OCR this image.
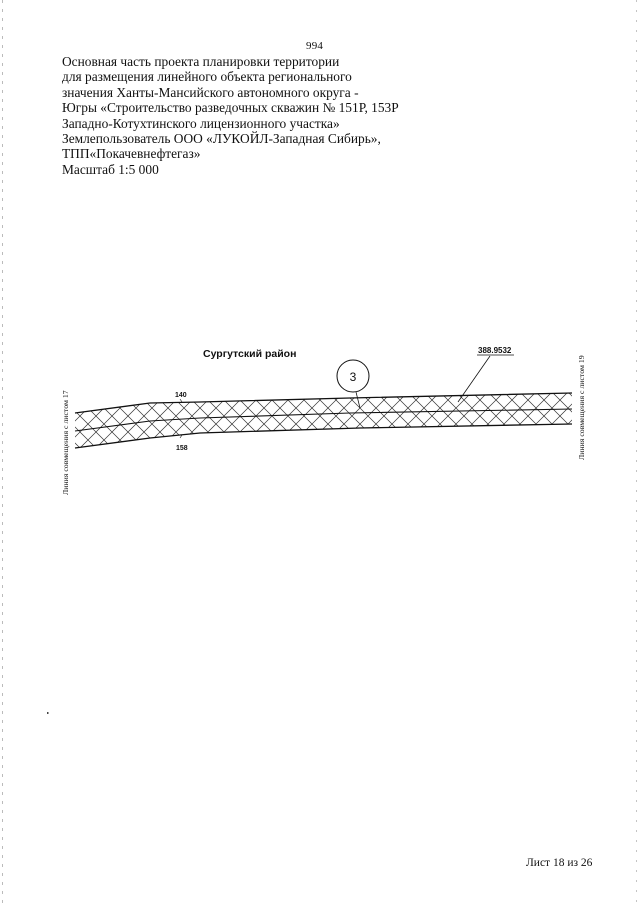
994
Основная часть проекта планировки территории
для размещения линейного объекта регионального
значения Ханты-Мансийского автономного округа -
Югры «Строительство разведочных скважин № 151Р, 153Р
Западно-Котухтинского лицензионного участка»
Землепользователь ООО «ЛУКОЙЛ-Западная Сибирь»,
ТПП«Покачевнефтегаз»
Масштаб 1:5 000
Сургутский район
3
388.9532
140
158
Линия совмещения с листом 17	Линия совмещения с листом 19
Лист 18 из 26
